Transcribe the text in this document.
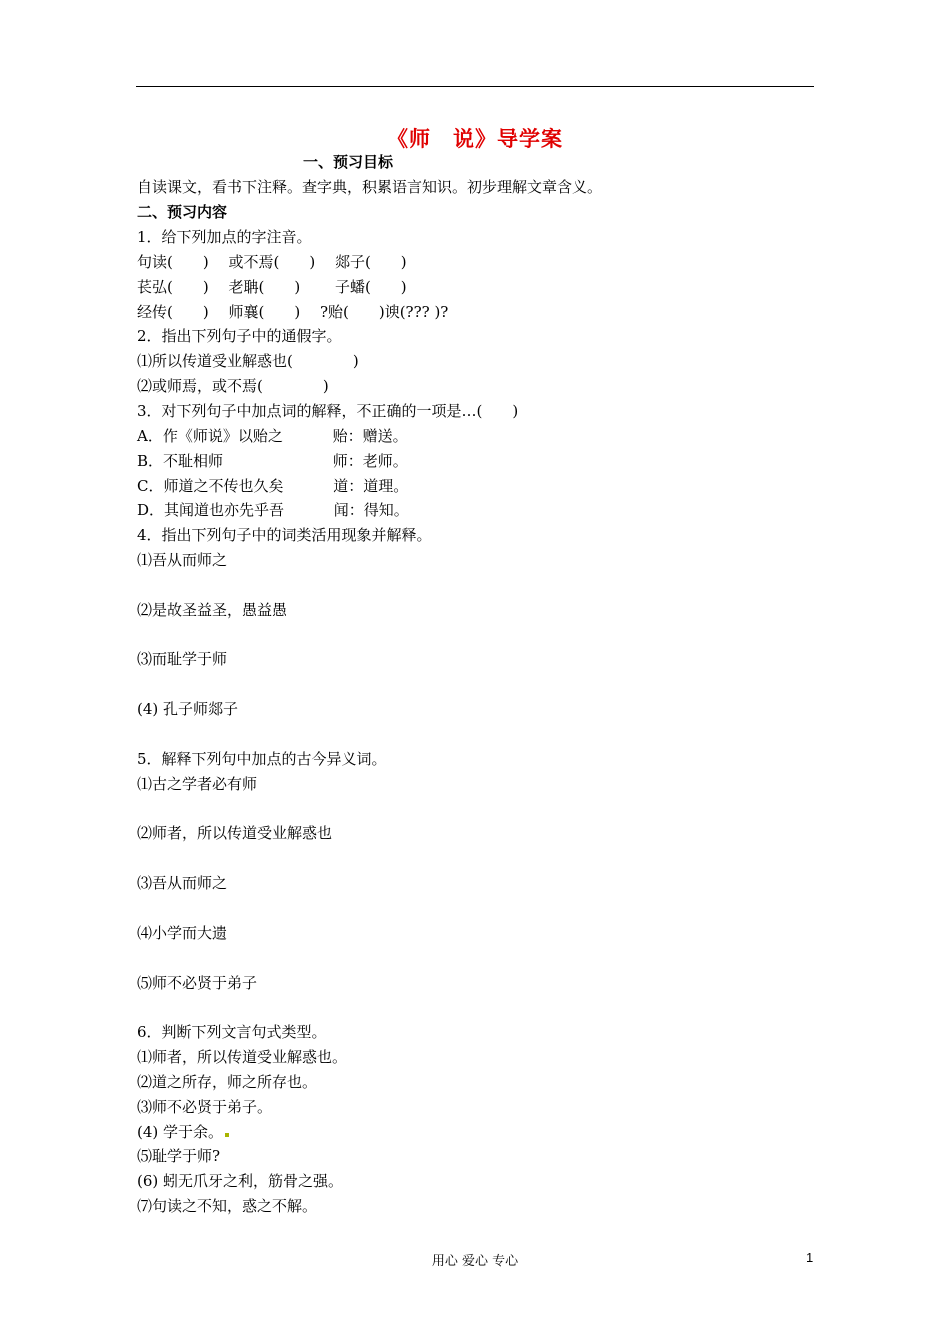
《师　说》导学案
一、预习目标
自读课文，看书下注释。查字典，积累语言知识。初步理解文章含义。
二、预习内容
1．给下列加点的字注音。
句读(　　)　 或不焉(　　)　 郯子(　　)
苌弘(　　)　 老聃(　　)　　 子蟠(　　)
经传(　　)　 师襄(　　)　 ?贻(　　)谀(??? )?
2．指出下列句子中的通假字。
⑴所以传道受业解惑也(　　　　)
⑵或师焉，或不焉(　　　　)
3．对下列句子中加点词的解释，不正确的一项是…(　　)
A．作《师说》以贻之　　　 贻：赠送。
B．不耻相师　　　　　　　 师：老师。
C．师道之不传也久矣　　　 道：道理。
D．其闻道也亦先乎吾　　　 闻：得知。
4．指出下列句子中的词类活用现象并解释。
⑴吾从而师之
⑵是故圣益圣，愚益愚
⑶而耻学于师
(4) 孔子师郯子
5．解释下列句中加点的古今异义词。
⑴古之学者必有师
⑵师者，所以传道受业解惑也
⑶吾从而师之
⑷小学而大遗
⑸师不必贤于弟子
6．判断下列文言句式类型。
⑴师者，所以传道受业解惑也。
⑵道之所存，师之所存也。
⑶师不必贤于弟子。
(4) 学于余。
⑸耻学于师?
(6) 蚓无爪牙之利，筋骨之强。
⑺句读之不知，惑之不解。
用心 爱心 专心	1
